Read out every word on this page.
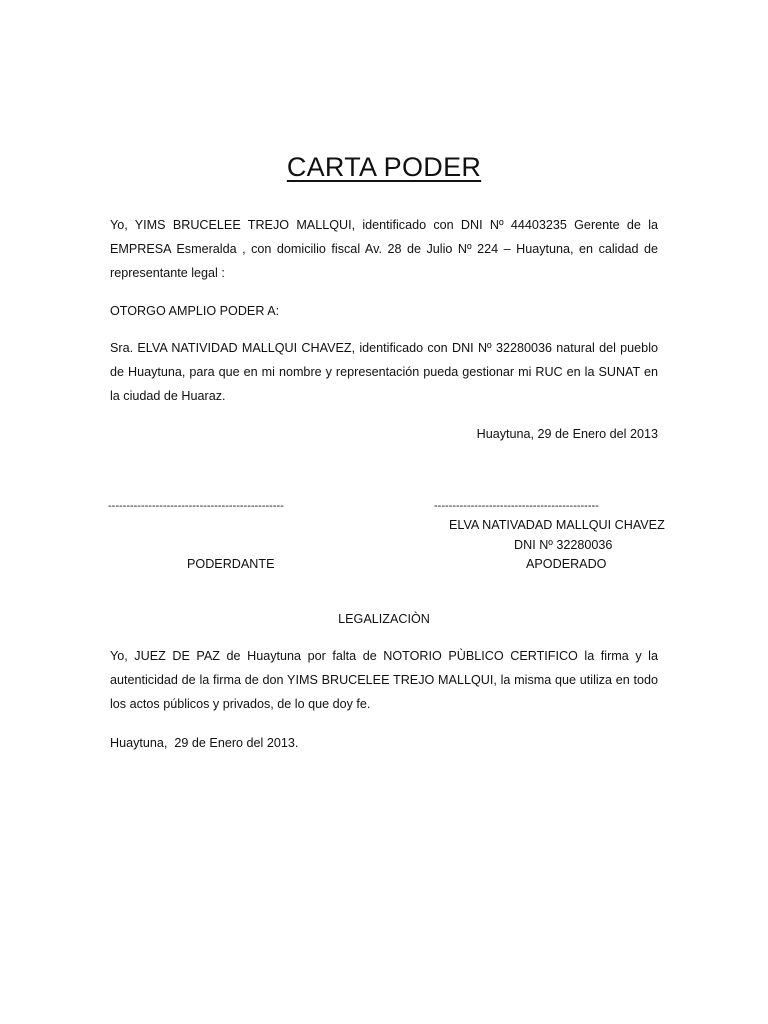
CARTA PODER
Yo, YIMS BRUCELEE TREJO MALLQUI, identificado con DNI Nº 44403235 Gerente de la EMPRESA Esmeralda , con domicilio fiscal Av. 28 de Julio Nº 224 – Huaytuna, en calidad de representante legal :
OTORGO AMPLIO PODER A:
Sra. ELVA NATIVIDAD MALLQUI CHAVEZ, identificado con DNI Nº 32280036 natural del pueblo de Huaytuna, para que en mi nombre y representación pueda gestionar mi RUC en la SUNAT en la ciudad de Huaraz.
Huaytuna, 29 de Enero del 2013
------------------------------------------------	---------------------------------------------
ELVA NATIVADAD MALLQUI CHAVEZ
DNI Nº 32280036
PODERDANTE	APODERADO
LEGALIZACIÒN
Yo, JUEZ DE PAZ de Huaytuna por falta de NOTORIO PÙBLICO CERTIFICO la firma y la autenticidad de la firma de don YIMS BRUCELEE TREJO MALLQUI, la misma que utiliza en todo los actos públicos y privados, de lo que doy fe.
Huaytuna,  29 de Enero del 2013.
